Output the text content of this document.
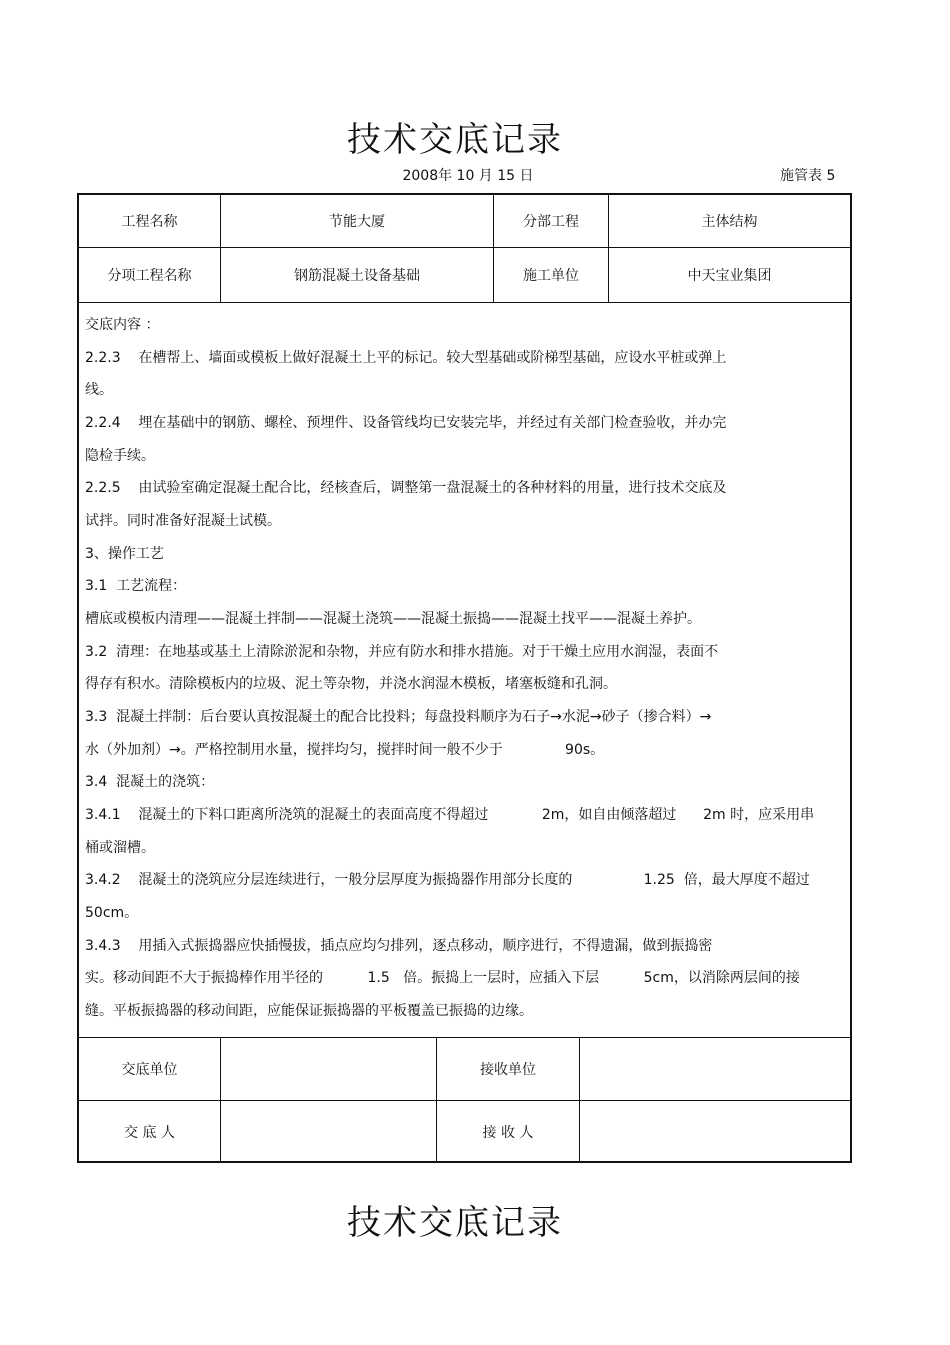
技术交底记录
2008年 10 月 15 日	施管表 5
工程名称	节能大厦	分部工程	主体结构
分项工程名称	钢筋混凝土设备基础	施工单位	中天宝业集团
交底内容 ：
2.2.3    在槽帮上、墙面或模板上做好混凝土上平的标记。较大型基础或阶梯型基础，应设水平桩或弹上
线。
2.2.4    埋在基础中的钢筋、螺栓、预埋件、设备管线均已安装完毕，并经过有关部门检查验收，并办完
隐检手续。
2.2.5    由试验室确定混凝土配合比，经核查后，调整第一盘混凝土的各种材料的用量，进行技术交底及
试拌。同时准备好混凝土试模。
3、操作工艺
3.1  工艺流程：
槽底或模板内清理——混凝土拌制——混凝土浇筑——混凝土振捣——混凝土找平——混凝土养护。
3.2  清理：在地基或基土上清除淤泥和杂物，并应有防水和排水措施。对于干燥土应用水润湿，表面不
得存有积水。清除模板内的垃圾、泥土等杂物，并浇水润湿木模板，堵塞板缝和孔洞。
3.3  混凝土拌制：后台要认真按混凝土的配合比投料；每盘投料顺序为石子→水泥→砂子（掺合料）→
水（外加剂）→。严格控制用水量，搅拌均匀，搅拌时间一般不少于              90s。
3.4  混凝土的浇筑：
3.4.1    混凝土的下料口距离所浇筑的混凝土的表面高度不得超过            2m，如自由倾落超过      2m 时，应采用串
桶或溜槽。
3.4.2    混凝土的浇筑应分层连续进行，一般分层厚度为振捣器作用部分长度的                1.25  倍，最大厚度不超过
50cm。
3.4.3    用插入式振捣器应快插慢拔，插点应均匀排列，逐点移动，顺序进行，不得遗漏，做到振捣密
实。移动间距不大于振捣棒作用半径的          1.5   倍。振捣上一层时，应插入下层          5cm，以消除两层间的接
缝。平板振捣器的移动间距，应能保证振捣器的平板覆盖已振捣的边缘。
交底单位	接收单位
交 底 人	接 收 人
技术交底记录
